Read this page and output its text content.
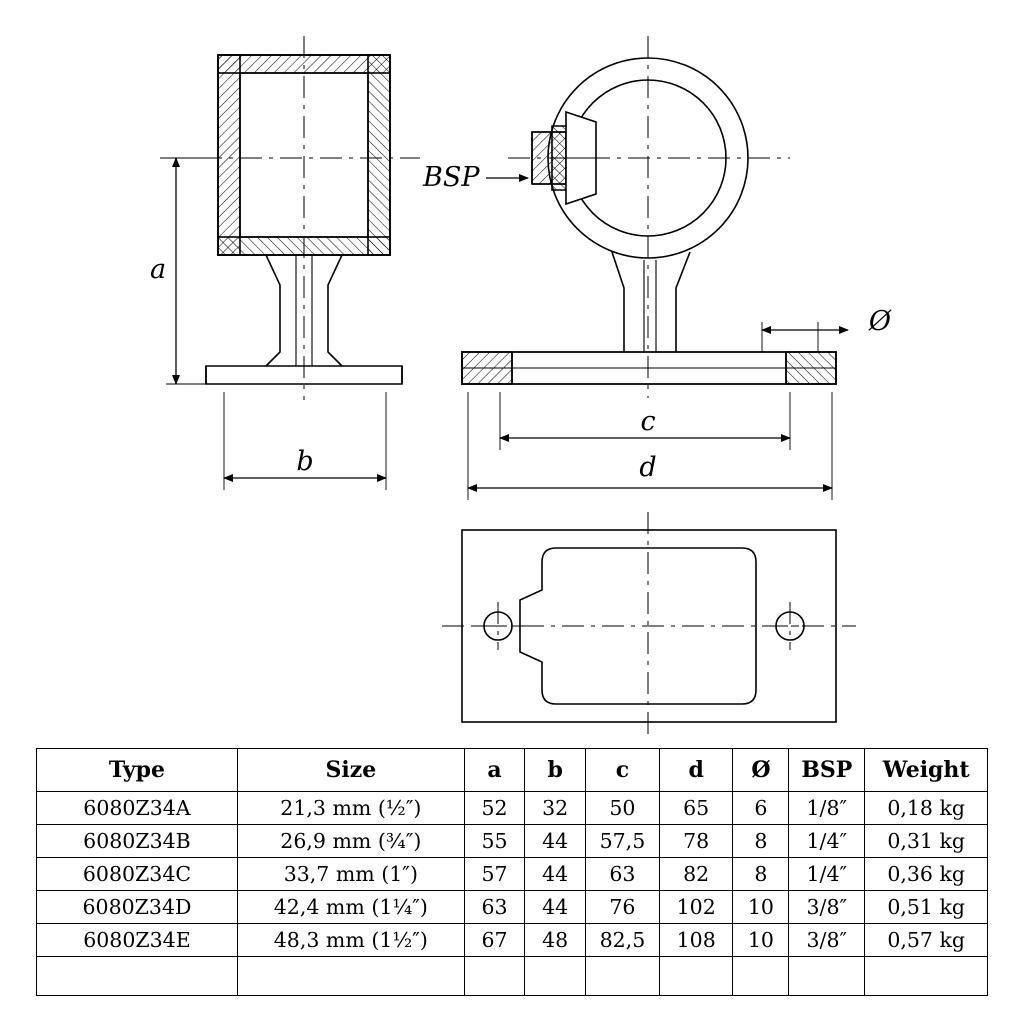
BSP
a
b
c
d
Ø
Type	Size	a	b	c	d	Ø	BSP	Weight
6080Z34A	21,3 mm (½″)	52	32	50	65	6	1/8″	0,18 kg
6080Z34B	26,9 mm (¾″)	55	44	57,5	78	8	1/4″	0,31 kg
6080Z34C	33,7 mm (1″)	57	44	63	82	8	1/4″	0,36 kg
6080Z34D	42,4 mm (1¼″)	63	44	76	102	10	3/8″	0,51 kg
6080Z34E	48,3 mm (1½″)	67	48	82,5	108	10	3/8″	0,57 kg
